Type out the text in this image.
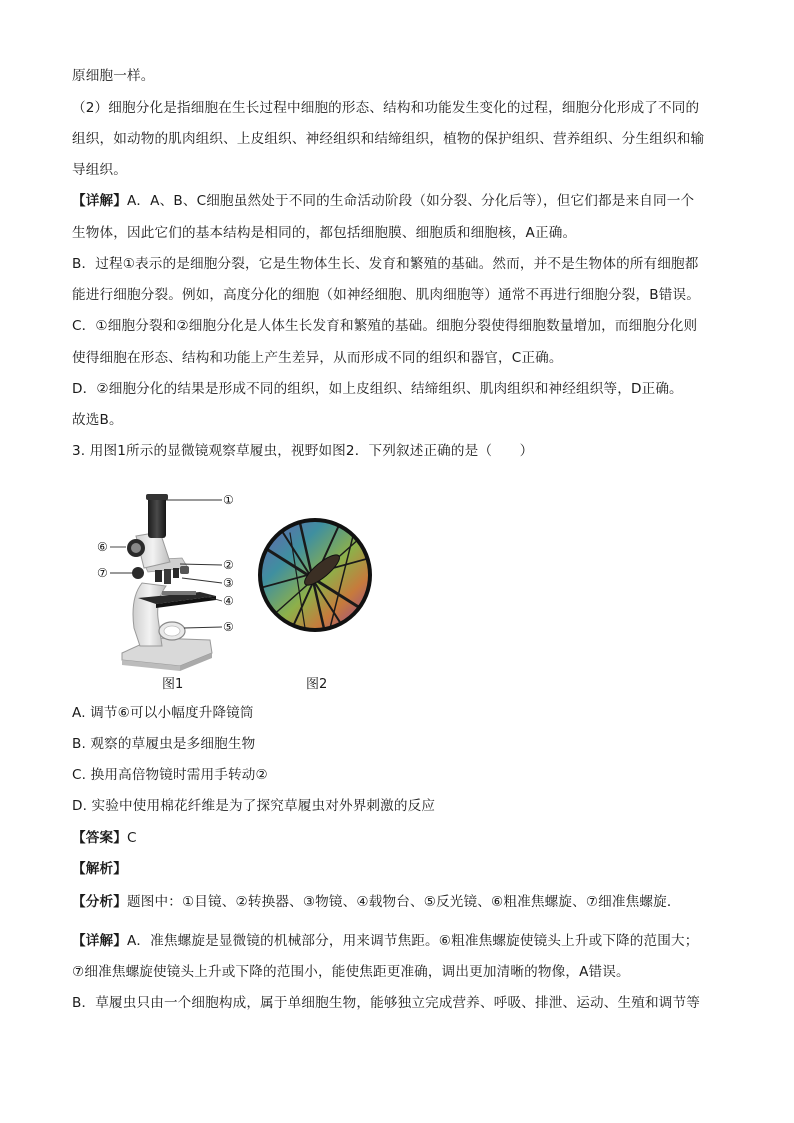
原细胞一样。
（2）细胞分化是指细胞在生长过程中细胞的形态、结构和功能发生变化的过程，细胞分化形成了不同的
组织，如动物的肌肉组织、上皮组织、神经组织和结缔组织，植物的保护组织、营养组织、分生组织和输
导组织。
【详解】A．A、B、C细胞虽然处于不同的生命活动阶段（如分裂、分化后等），但它们都是来自同一个
生物体，因此它们的基本结构是相同的，都包括细胞膜、细胞质和细胞核，A正确。
B．过程①表示的是细胞分裂，它是生物体生长、发育和繁殖的基础。然而，并不是生物体的所有细胞都
能进行细胞分裂。例如，高度分化的细胞（如神经细胞、肌肉细胞等）通常不再进行细胞分裂，B错误。
C．①细胞分裂和②细胞分化是人体生长发育和繁殖的基础。细胞分裂使得细胞数量增加，而细胞分化则
使得细胞在形态、结构和功能上产生差异，从而形成不同的组织和器官，C正确。
D．②细胞分化的结果是形成不同的组织，如上皮组织、结缔组织、肌肉组织和神经组织等，D正确。
故选B。
3. 用图1所示的显微镜观察草履虫，视野如图2．下列叙述正确的是（　　）
①
②
③
④
⑤
⑥
⑦
图1	图2
A. 调节⑥可以小幅度升降镜筒
B. 观察的草履虫是多细胞生物
C. 换用高倍物镜时需用手转动②
D. 实验中使用棉花纤维是为了探究草履虫对外界刺激的反应
【答案】C
【解析】
【分析】题图中：①目镜、②转换器、③物镜、④载物台、⑤反光镜、⑥粗准焦螺旋、⑦细准焦螺旋．
【详解】A．准焦螺旋是显微镜的机械部分，用来调节焦距。⑥粗准焦螺旋使镜头上升或下降的范围大；
⑦细准焦螺旋使镜头上升或下降的范围小，能使焦距更准确，调出更加清晰的物像，A错误。
B．草履虫只由一个细胞构成，属于单细胞生物，能够独立完成营养、呼吸、排泄、运动、生殖和调节等
